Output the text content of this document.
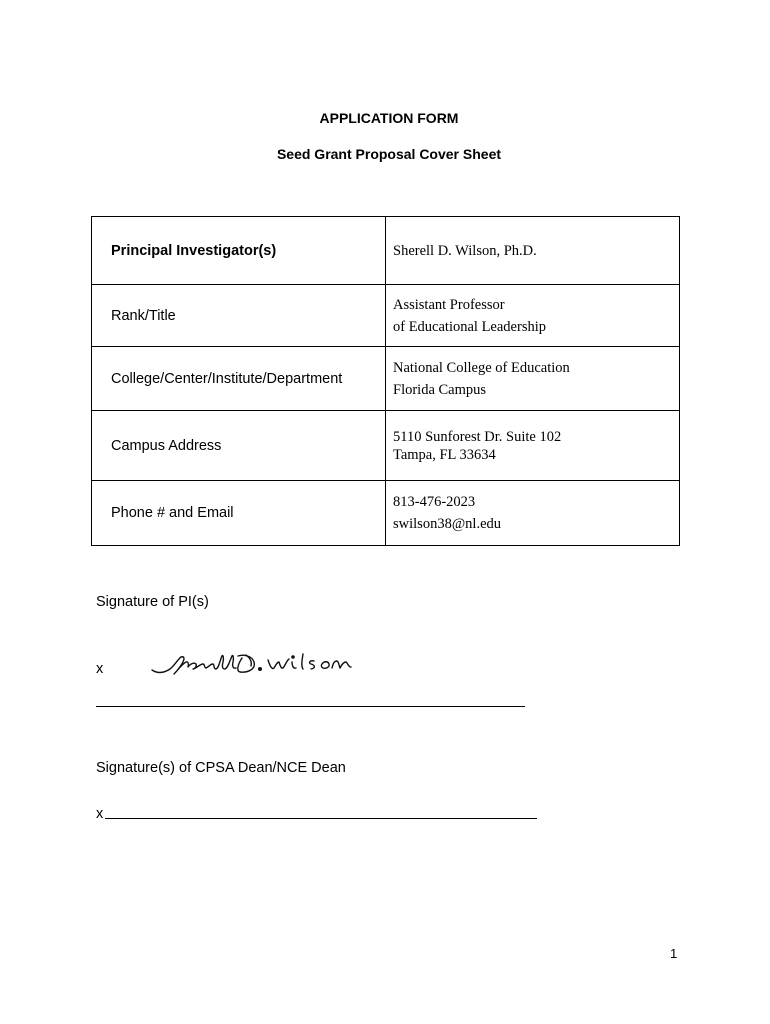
APPLICATION FORM
Seed Grant Proposal Cover Sheet
Principal Investigator(s)	Sherell D. Wilson, Ph.D.

Rank/Title	Assistant Professor
of Educational Leadership

College/Center/Institute/Department	National College of Education
Florida Campus

Campus Address	5110 Sunforest Dr. Suite 102
Tampa, FL 33634

Phone # and Email	813-476-2023
swilson38@nl.edu
Signature of PI(s)
x
Signature(s) of CPSA Dean/NCE Dean
x
1
